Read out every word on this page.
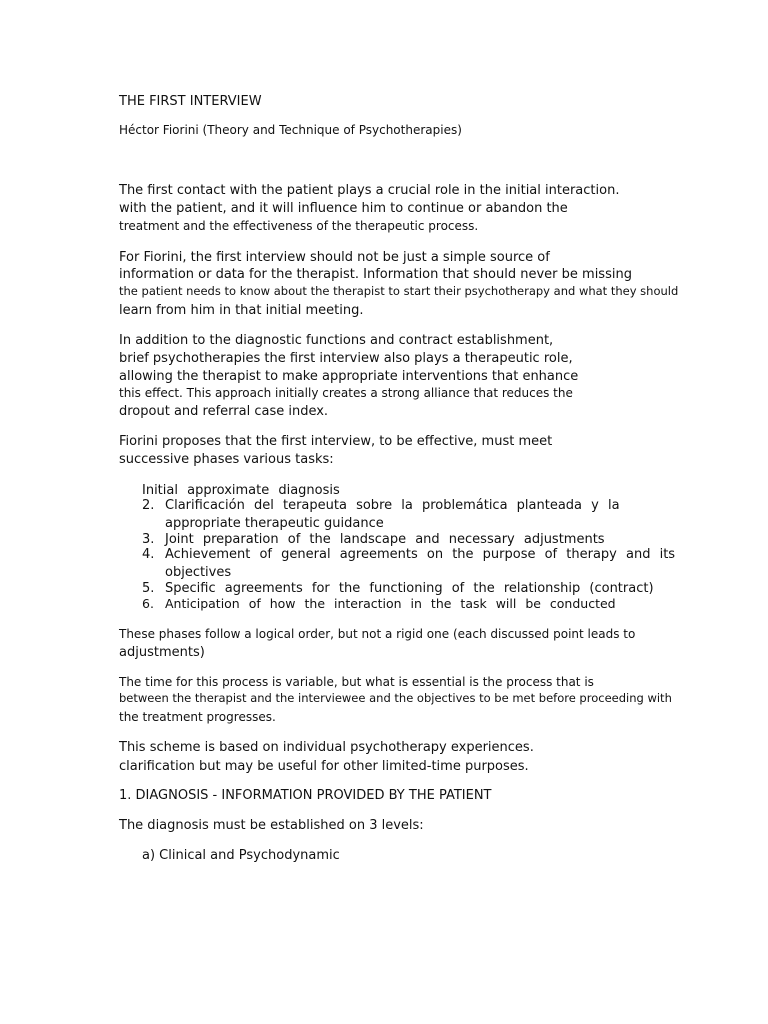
THE FIRST INTERVIEW
Héctor Fiorini (Theory and Technique of Psychotherapies)
The first contact with the patient plays a crucial role in the initial interaction.
with the patient, and it will influence him to continue or abandon the
treatment and the effectiveness of the therapeutic process.
For Fiorini, the first interview should not be just a simple source of
information or data for the therapist. Information that should never be missing
the patient needs to know about the therapist to start their psychotherapy and what they should
learn from him in that initial meeting.
In addition to the diagnostic functions and contract establishment,
brief psychotherapies the first interview also plays a therapeutic role,
allowing the therapist to make appropriate interventions that enhance
this effect. This approach initially creates a strong alliance that reduces the
dropout and referral case index.
Fiorini proposes that the first interview, to be effective, must meet
successive phases various tasks:
Initial approximate diagnosis
2. Clarificación del terapeuta sobre la problemática planteada y la
appropriate therapeutic guidance
3. Joint preparation of the landscape and necessary adjustments
4. Achievement of general agreements on the purpose of therapy and its
objectives
5. Specific agreements for the functioning of the relationship (contract)
6. Anticipation of how the interaction in the task will be conducted
These phases follow a logical order, but not a rigid one (each discussed point leads to
adjustments)
The time for this process is variable, but what is essential is the process that is
between the therapist and the interviewee and the objectives to be met before proceeding with
the treatment progresses.
This scheme is based on individual psychotherapy experiences.
clarification but may be useful for other limited-time purposes.
1. DIAGNOSIS - INFORMATION PROVIDED BY THE PATIENT
The diagnosis must be established on 3 levels:
a) Clinical and Psychodynamic
